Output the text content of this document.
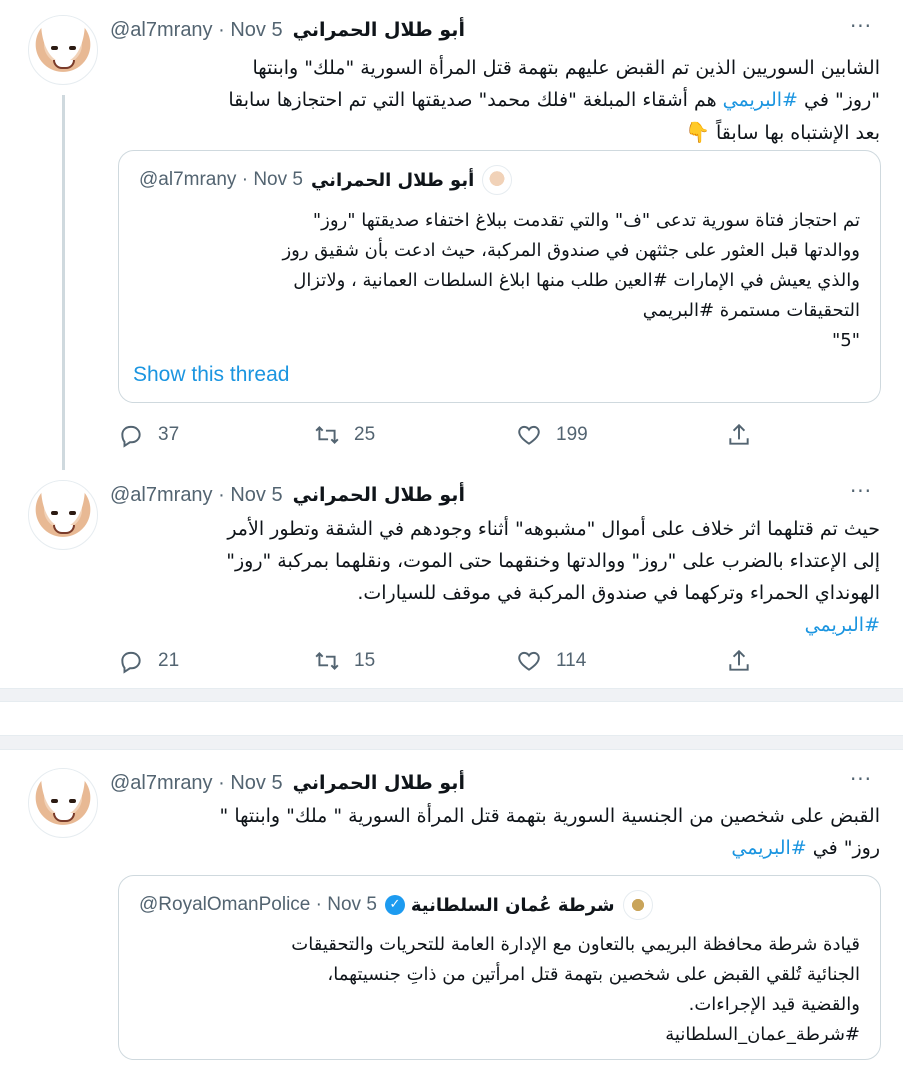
أبو طلال الحمراني
@al7mrany · Nov 5	···
الشابين السوريين الذين تم القبض عليهم بتهمة قتل المرأة السورية "ملك" وابنتها
"روز" في #البريمي هم أشقاء المبلغة "فلك محمد" صديقتها التي تم احتجازها سابقا
بعد الإشتباه بها سابقاً 👇
أبو طلال الحمراني
@al7mrany · Nov 5
تم احتجاز فتاة سورية تدعى "ف" والتي تقدمت ببلاغ اختفاء صديقتها "روز"
ووالدتها قبل العثور على جثثهن في صندوق المركبة، حيث ادعت بأن شقيق روز
والذي يعيش في الإمارات #العين طلب منها ابلاغ السلطات العمانية ، ولاتزال
التحقيقات مستمرة #البريمي
"5"
Show this thread
37	25	199
أبو طلال الحمراني
@al7mrany · Nov 5	···
حيث تم قتلهما اثر خلاف على أموال "مشبوهه" أثناء وجودهم في الشقة وتطور الأمر
إلى الإعتداء بالضرب على "روز" ووالدتها وخنقهما حتى الموت، ونقلهما بمركبة "روز"
الهونداي الحمراء وتركهما في صندوق المركبة في موقف للسيارات.
#البريمي
21	15	114
أبو طلال الحمراني
@al7mrany · Nov 5	···
القبض على شخصين من الجنسية السورية بتهمة قتل المرأة السورية " ملك" وابنتها "
روز" في #البريمي
شرطة عُمان السلطانية
✓
@RoyalOmanPolice · Nov 5
قيادة شرطة محافظة البريمي بالتعاون مع الإدارة العامة للتحريات والتحقيقات
الجنائية تُلقي القبض على شخصين بتهمة قتل امرأتين من ذاتِ جنسيتهما،
والقضية قيد الإجراءات.
#شرطة_عمان_السلطانية
